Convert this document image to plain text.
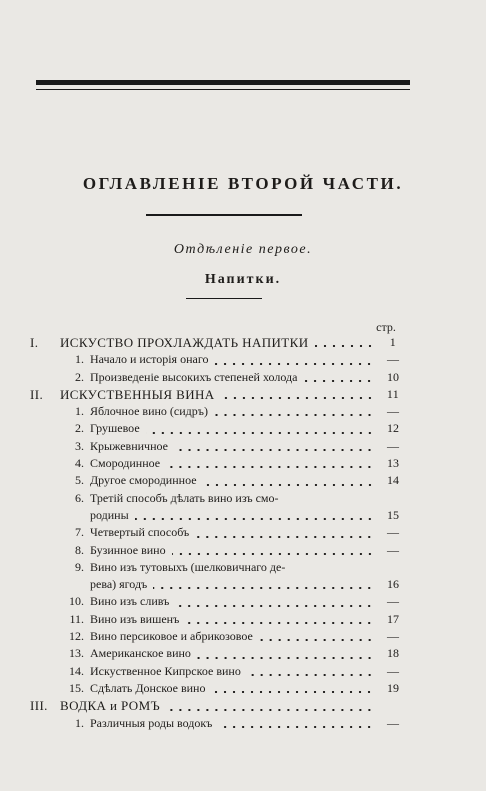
ОГЛАВЛЕНІЕ ВТОРОЙ ЧАСТИ.
Отдѣленіе первое.
Напитки.
стр.
I.	ИСКУСТВО ПРОХЛАЖДАТЬ НАПИТКИ	1
1. Начало и исторія онаго	—
2. Произведеніе высокихъ степеней холода	10
II.	ИСКУСТВЕННЫЯ ВИНА	11
1. Яблочное вино (сидръ)	—
2. Грушевое	12
3. Крыжевничное	—
4. Смородинное	13
5. Другое смородинное	14
6. Третій способъ дѣлать вино изъ смо-
родины	15
7. Четвертый способъ	—
8. Бузинное вино	—
9. Вино изъ тутовыхъ (шелковичнаго де-
рева) ягодъ	16
10. Вино изъ сливъ	—
11. Вино изъ вишенъ	17
12. Вино персиковое и абрикозовое	—
13. Американское вино	18
14. Искуственное Кипрское вино	—
15. Сдѣлать Донское вино	19
III. ВОДКА и РОМЪ
1. Различныя роды водокъ	—
